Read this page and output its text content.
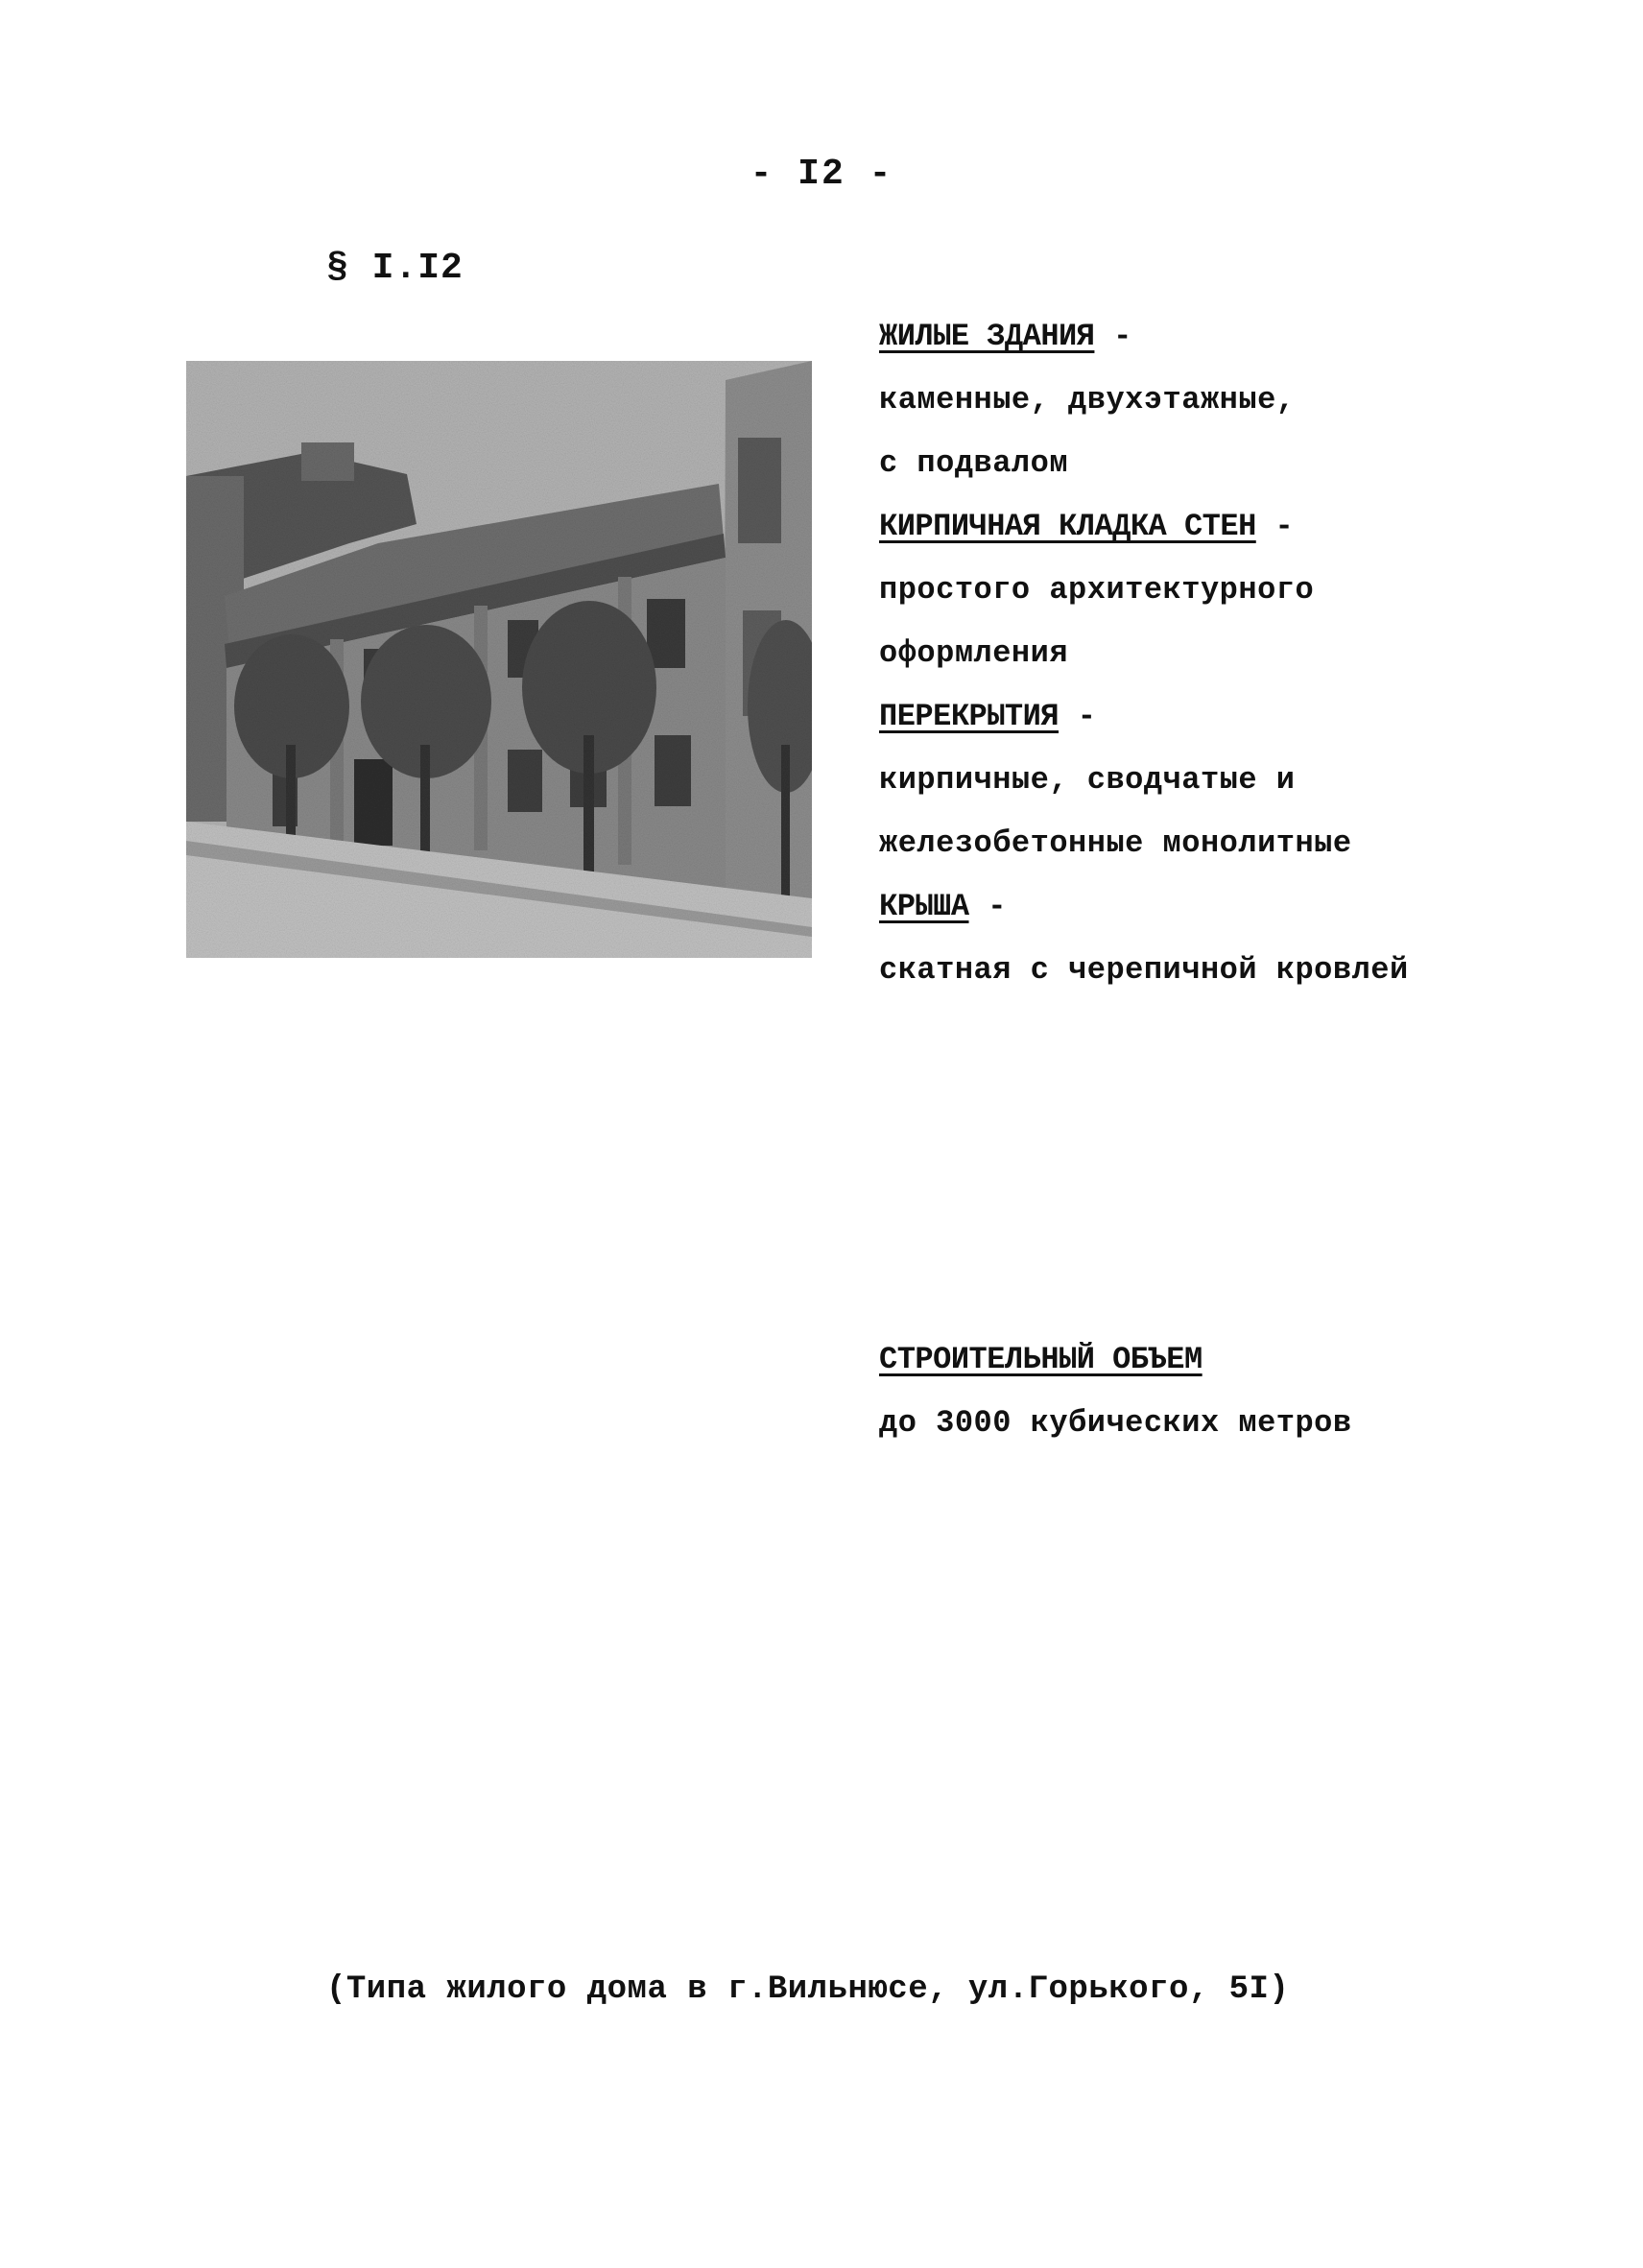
- I2 -
§ I.I2
ЖИЛЫЕ ЗДАНИЯ -
каменные, двухэтажные,
с подвалом
КИРПИЧНАЯ КЛАДКА СТЕН -
простого архитектурного
оформления
ПЕРЕКРЫТИЯ -
кирпичные, сводчатые и
железобетонные монолитные
КРЫША -
скатная с черепичной кровлей
СТРОИТЕЛЬНЫЙ ОБЪЕМ
до 3000 кубических метров
(Типа жилого дома в г.Вильнюсе, ул.Горького, 5I)
